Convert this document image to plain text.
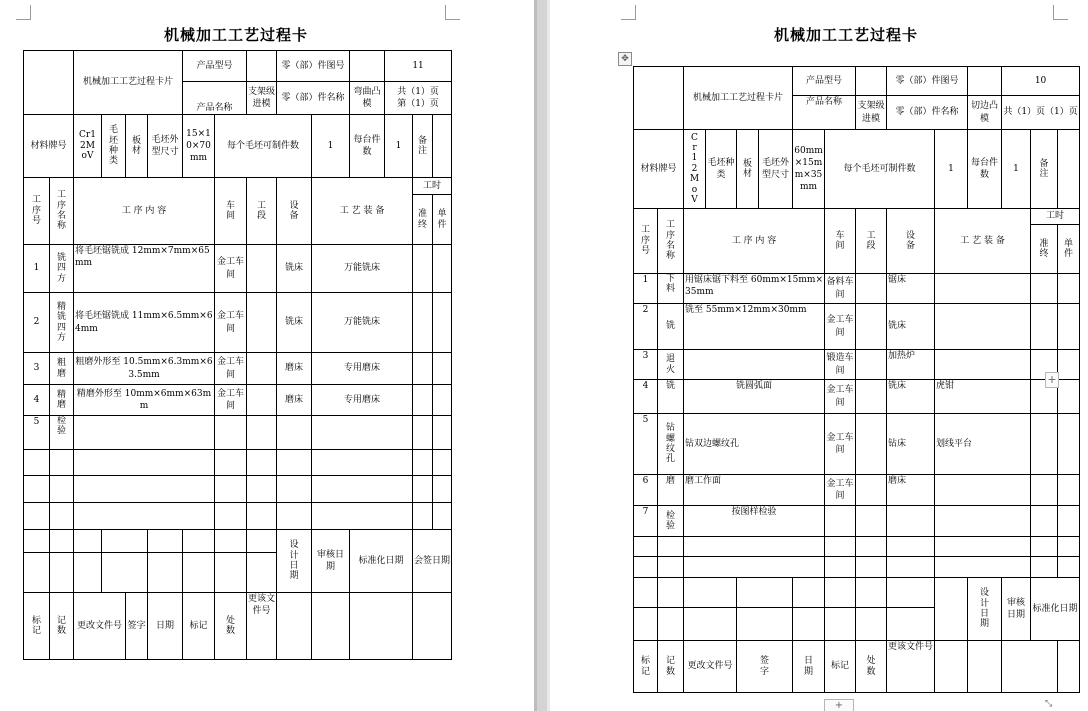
机械加工工艺过程卡
		机械加工工艺过程卡片				产品型号			零（部）件图号			11		
						产品名称		支架级进模	零（部）件名称		弯曲凸模	共（1）页
第（1）页		
材料牌号		Cr12MoV	毛坯种类	板材	毛坯外型尺寸	15×10×70mm	每个毛坯可制件数			1	每台件数	1	备注	

工序号	工序名称	工 序 内 容					车间	工段	设备	工 艺 装 备			工时	

													准终	单件

1	铣四方	将毛坯锯铣成 12mm×7mm×65mm					金工车间		铣床	万能铣床				
2	精铣四方	将毛坯锯铣成 11mm×6.5mm×64mm					金工车间		铣床	万能铣床				
3	粗磨	粗磨外形至 10.5mm×6.3mm×63.5mm					金工车间		磨床	专用磨床				
4	精磨	精磨外形至 10mm×6mm×63mm					金工车间		磨床	专用磨床				
5	检验													

									设计日期	审核日期	标准化日期		会签日期	

标记	记数	更改文件号		签字	日期	标记	处数	更该文件号						
机械加工工艺过程卡
✥
		机械加工工艺过程卡片				产品型号			零（部）件图号			10			
						产品名称		支架级进模	零（部）件名称		切边凸模	共（1）页（1）页			
材料牌号		Cr12MoV	毛坯种类	板材	毛坯外型尺寸	60mm×15mm×35mm	每个毛坯可制件数			1	每台件数	1	备注		

工序号	工序名称	工 序 内 容					车间	工段	设备	工 艺 装 备			工时		

													准终	单件	

1	下料	用锯床锯下料至 60mm×15mm×35mm					备料车间		锯床						
2	铣	铣至 55mm×12mm×30mm					金工车间		铣床						
3	退火						锻造车间		加热炉						
4	铣	铣圆弧面					金工车间		铣床	虎钳					
5	钻螺纹孔	钻双边螺纹孔					金工车间		钻床	划线平台					
6	磨	磨工作面					金工车间		磨床						
7	检验	按图样检验													

											设计日期	审核日期	标准化日期	

标记	记数	更改文件号		签字		日期	标记	处数	更该文件号						
+
+	⤡
